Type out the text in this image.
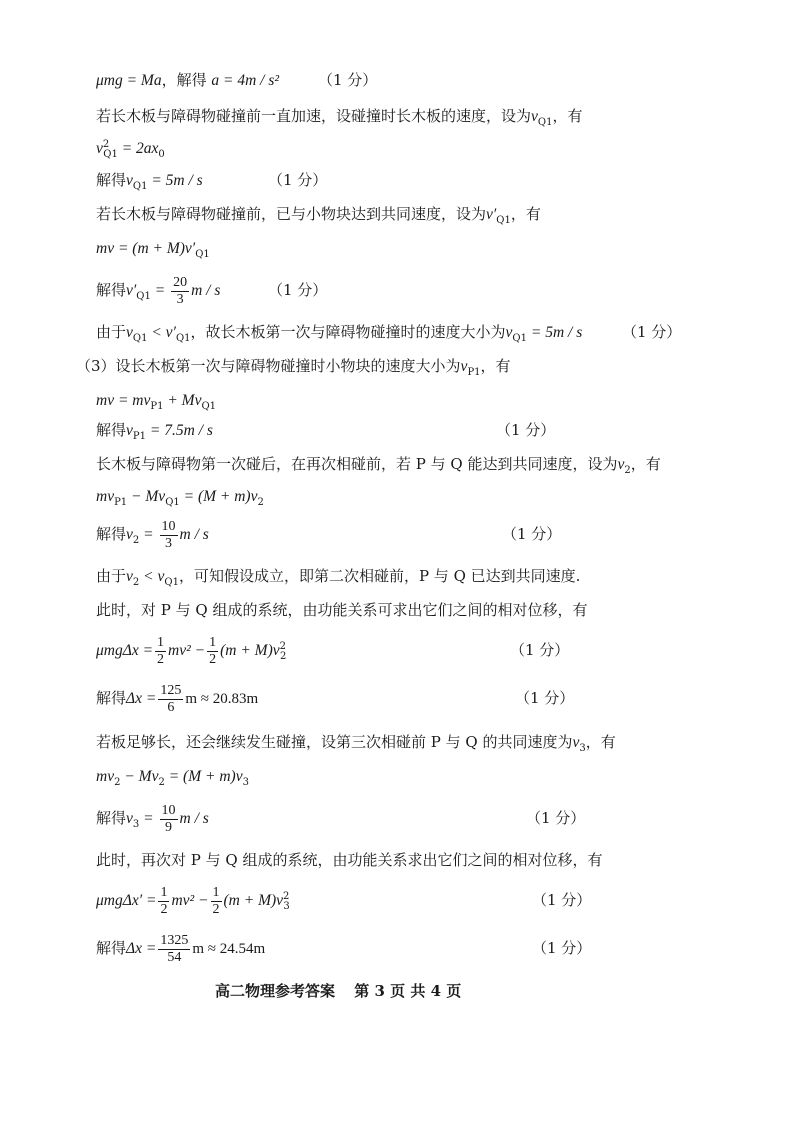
μmg = Ma，解得 a = 4m / s²	（1 分）
若长木板与障碍物碰撞前一直加速，设碰撞时长木板的速度，设为$v_{Q1}$，有
$v^2_{Q1} = 2ax_0$
解得$v_{Q1} = 5m / s$	（1 分）
若长木板与障碍物碰撞前，已与小物块达到共同速度，设为$v'_{Q1}$，有
mv = $(m + M)v'_{Q1}$
解得$v'_{Q1} = \frac{20}{3}$ m / s	（1 分）
由于$v_{Q1} < v'_{Q1}$，故长木板第一次与障碍物碰撞时的速度大小为$v_{Q1} = 5m / s$	（1 分）
（3）设长木板第一次与障碍物碰撞时小物块的速度大小为$v_{P1}$，有
mv = $mv_{P1} + Mv_{Q1}$
解得$v_{P1} = 7.5m / s$	（1 分）
长木板与障碍物第一次碰后，在再次相碰前，若 P 与 Q 能达到共同速度，设为$v_2$，有
$mv_{P1} - Mv_{Q1} = (M + m)v_2$
解得$v_2 = \frac{10}{3}$ m / s	（1 分）
由于$v_2 < v_{Q1}$，可知假设成立，即第二次相碰前，P 与 Q 已达到共同速度.
此时，对 P 与 Q 组成的系统，由功能关系可求出它们之间的相对位移，有
$\mu mg\Delta x = \frac{1}{2} mv^2 - \frac{1}{2} (m + M)v^2_2$	（1 分）
解得$\Delta x = \frac{125}{6}$ m ≈ 20.83m	（1 分）
若板足够长，还会继续发生碰撞，设第三次相碰前 P 与 Q 的共同速度为$v_3$，有
$mv_2 - Mv_2 = (M + m)v_3$
解得$v_3 = \frac{10}{9}$ m / s	（1 分）
此时，再次对 P 与 Q 组成的系统，由功能关系求出它们之间的相对位移，有
$\mu mg\Delta x' = \frac{1}{2} mv^2 - \frac{1}{2} (m + M)v^2_3$	（1 分）
解得$\Delta x = \frac{1325}{54}$ m ≈ 24.54m	（1 分）
高二物理参考答案 第 3 页 共 4 页
